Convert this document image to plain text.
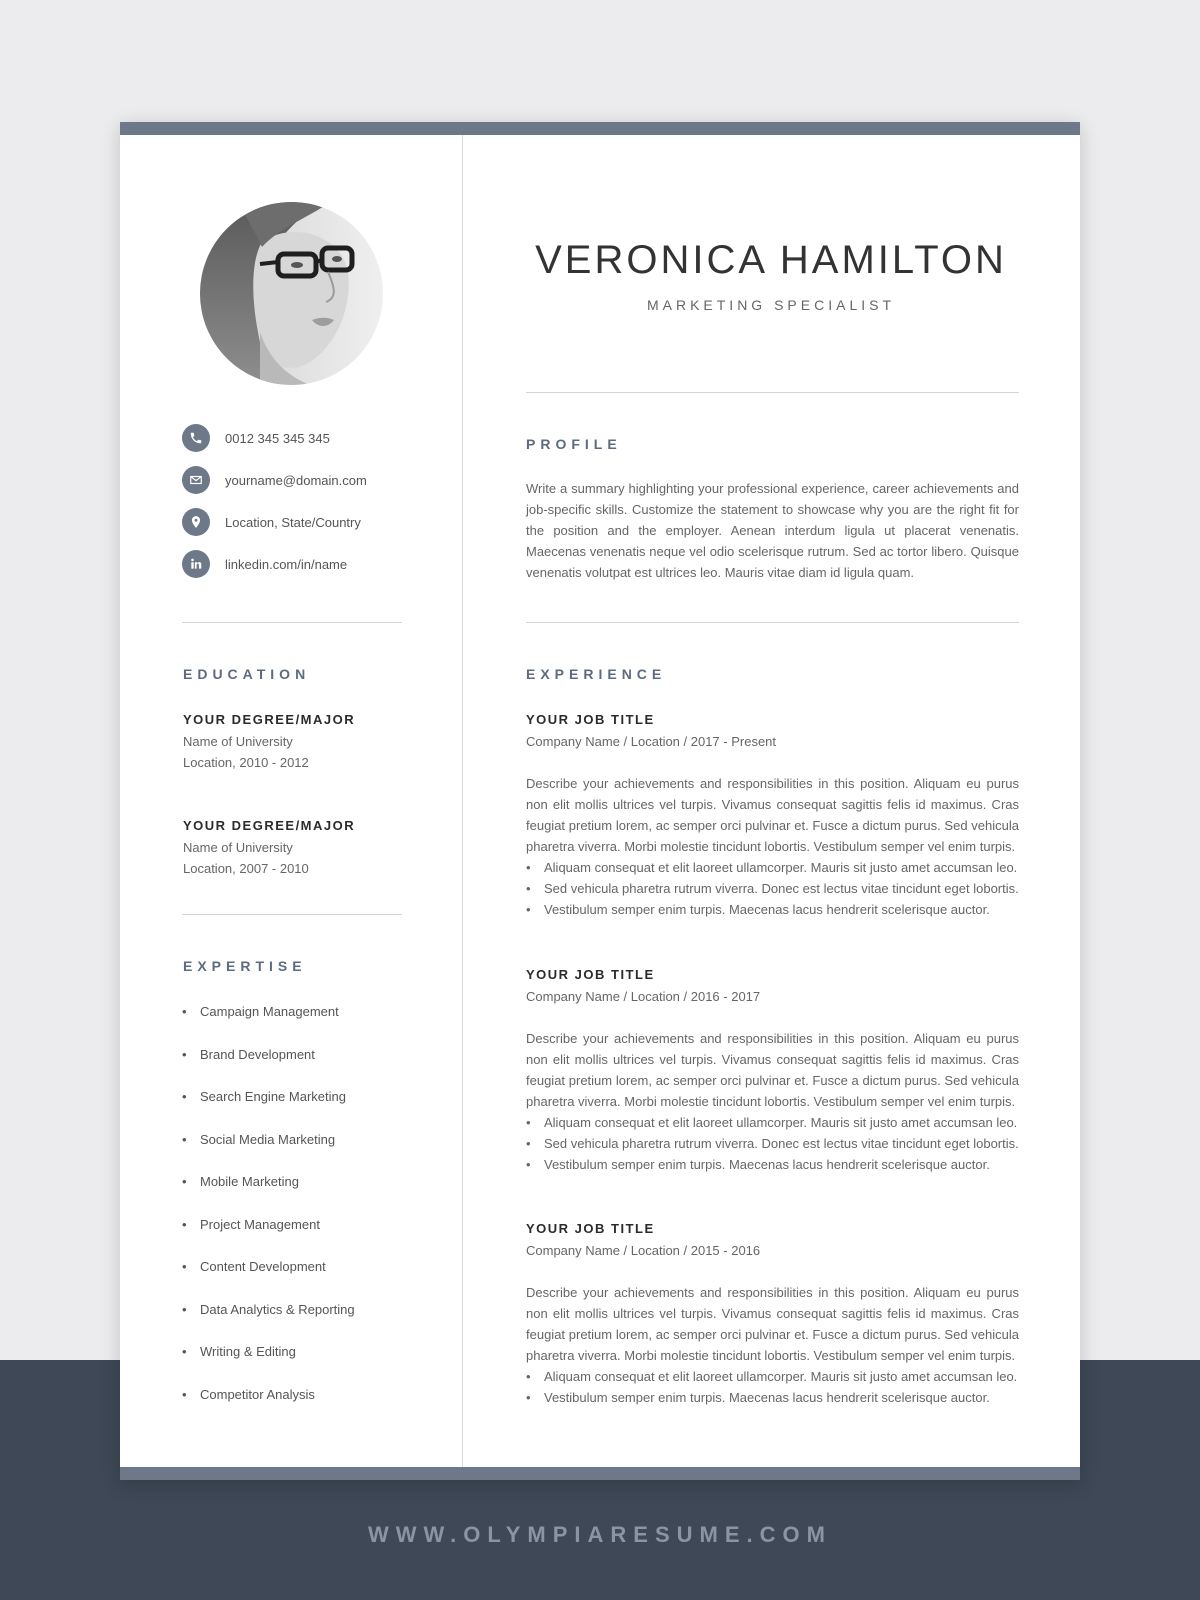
WWW.OLYMPIARESUME.COM
0012 345 345 345
yourname@domain.com
Location, State/Country
linkedin.com/in/name
EDUCATION
YOUR DEGREE/MAJOR
Name of University
Location, 2010 - 2012
YOUR DEGREE/MAJOR
Name of University
Location, 2007 - 2010
EXPERTISE
•	Campaign Management
•	Brand Development
•	Search Engine Marketing
•	Social Media Marketing
•	Mobile Marketing
•	Project Management
•	Content Development
•	Data Analytics & Reporting
•	Writing & Editing
•	Competitor Analysis
VERONICA HAMILTON
MARKETING SPECIALIST
PROFILE
Write a summary highlighting your professional experience, career achievements and job-specific skills. Customize the statement to showcase why you are the right fit for the position and the employer. Aenean interdum ligula ut placerat venenatis. Maecenas venenatis neque vel odio scelerisque rutrum. Sed ac tortor libero. Quisque venenatis volutpat est ultrices leo. Mauris vitae diam id ligula quam.
EXPERIENCE
YOUR JOB TITLE
Company Name / Location / 2017 - Present
Describe your achievements and responsibilities in this position. Aliquam eu purus non elit mollis ultrices vel turpis. Vivamus consequat sagittis felis id maximus. Cras feugiat pretium lorem, ac semper orci pulvinar et. Fusce a dictum purus. Sed vehicula pharetra viverra. Morbi molestie tincidunt lobortis. Vestibulum semper vel enim turpis.
•	Aliquam consequat et elit laoreet ullamcorper. Mauris sit justo amet accumsan leo.
•	Sed vehicula pharetra rutrum viverra. Donec est lectus vitae tincidunt eget lobortis.
•	Vestibulum semper enim turpis. Maecenas lacus hendrerit scelerisque auctor.
YOUR JOB TITLE
Company Name / Location / 2016 - 2017
Describe your achievements and responsibilities in this position. Aliquam eu purus non elit mollis ultrices vel turpis. Vivamus consequat sagittis felis id maximus. Cras feugiat pretium lorem, ac semper orci pulvinar et. Fusce a dictum purus. Sed vehicula pharetra viverra. Morbi molestie tincidunt lobortis. Vestibulum semper vel enim turpis.
•	Aliquam consequat et elit laoreet ullamcorper. Mauris sit justo amet accumsan leo.
•	Sed vehicula pharetra rutrum viverra. Donec est lectus vitae tincidunt eget lobortis.
•	Vestibulum semper enim turpis. Maecenas lacus hendrerit scelerisque auctor.
YOUR JOB TITLE
Company Name / Location / 2015 - 2016
Describe your achievements and responsibilities in this position. Aliquam eu purus non elit mollis ultrices vel turpis. Vivamus consequat sagittis felis id maximus. Cras feugiat pretium lorem, ac semper orci pulvinar et. Fusce a dictum purus. Sed vehicula pharetra viverra. Morbi molestie tincidunt lobortis. Vestibulum semper vel enim turpis.
•	Aliquam consequat et elit laoreet ullamcorper. Mauris sit justo amet accumsan leo.
•	Vestibulum semper enim turpis. Maecenas lacus hendrerit scelerisque auctor.
